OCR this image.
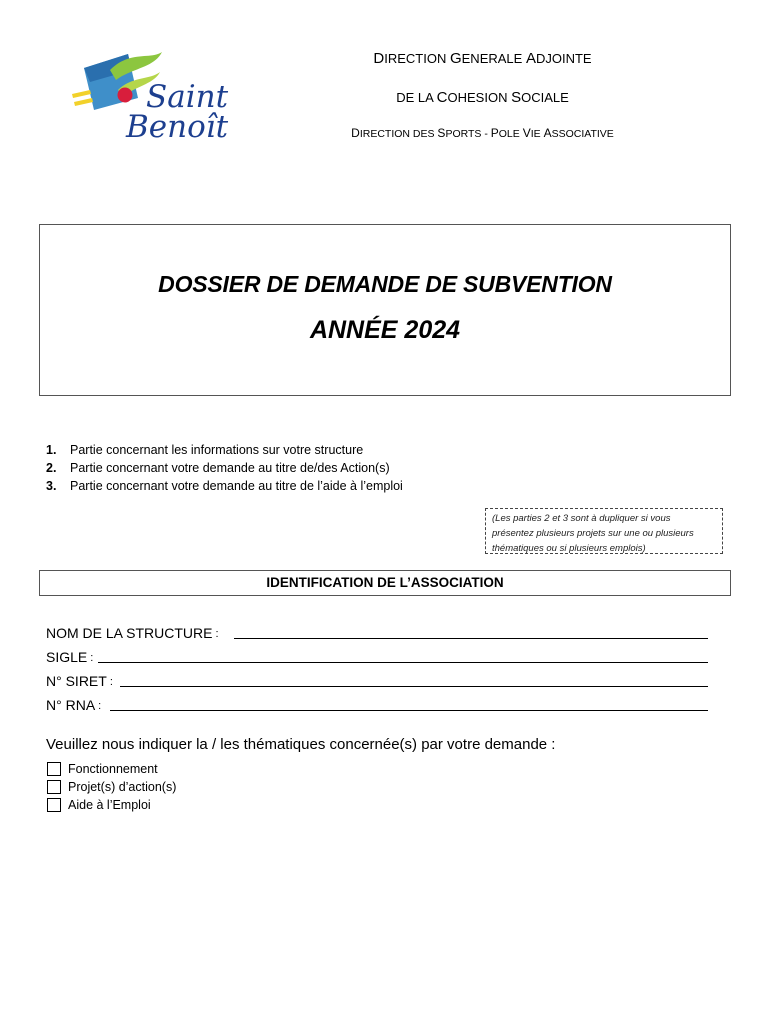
Saint
Benoît
DIRECTION GENERALE ADJOINTE
DE LA COHESION SOCIALE
DIRECTION DES SPORTS - POLE VIE ASSOCIATIVE
DOSSIER DE DEMANDE DE SUBVENTION
ANNÉE 2024
1. Partie concernant les informations sur votre structure
2. Partie concernant votre demande au titre de/des Action(s)
3. Partie concernant votre demande au titre de l’aide à l’emploi
(Les parties 2 et 3 sont à dupliquer si vous
présentez plusieurs projets sur une ou plusieurs
thématiques ou si plusieurs emplois)
IDENTIFICATION DE L’ASSOCIATION
NOM DE LA STRUCTURE :
SIGLE :
N° SIRET :
N° RNA :
Veuillez nous indiquer la / les thématiques concernée(s) par votre demande :
Fonctionnement
Projet(s) d’action(s)
Aide à l’Emploi
